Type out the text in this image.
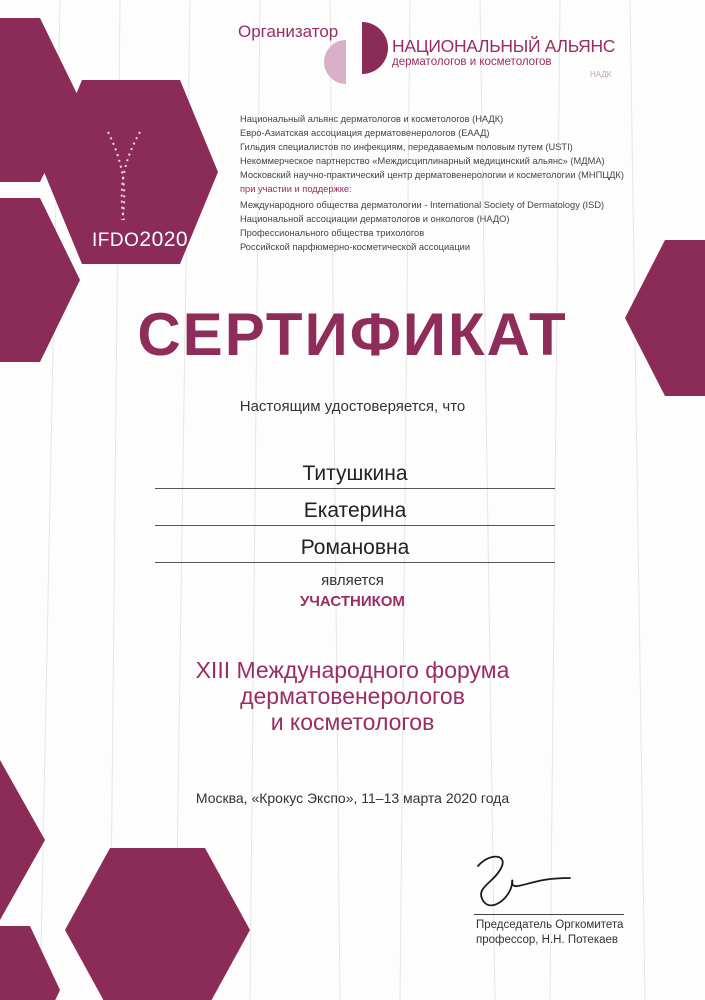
Организатор
НАЦИОНАЛЬНЫЙ АЛЬЯНС
дерматологов и косметологов
НАДК
Национальный альянс дерматологов и косметологов (НАДК)
Евро-Азиатская ассоциация дерматовенерологов (ЕААД)
Гильдия специалистов по инфекциям, передаваемым половым путем (USTI)
Некоммерческое партнерство «Междисциплинарный медицинский альянс» (МДМА)
Московский научно-практический центр дерматовенерологии и косметологии (МНПЦДК)
при участии и поддержке:
Международного общества дерматологии - International Society of Dermatology (ISD)
Национальной ассоциации дерматологов и онкологов (НАДО)
Профессионального общества трихологов
Российской парфюмерно-косметической ассоциации
IFDO2020
СЕРТИФИКАТ
Настоящим удостоверяется, что
Титушкина
Екатерина
Романовна
является
УЧАСТНИКОМ
XIII Международного форума
дерматовенерологов
и косметологов
Москва, «Крокус Экспо», 11–13 марта 2020 года
Председатель Оргкомитета
профессор, Н.Н. Потекаев
